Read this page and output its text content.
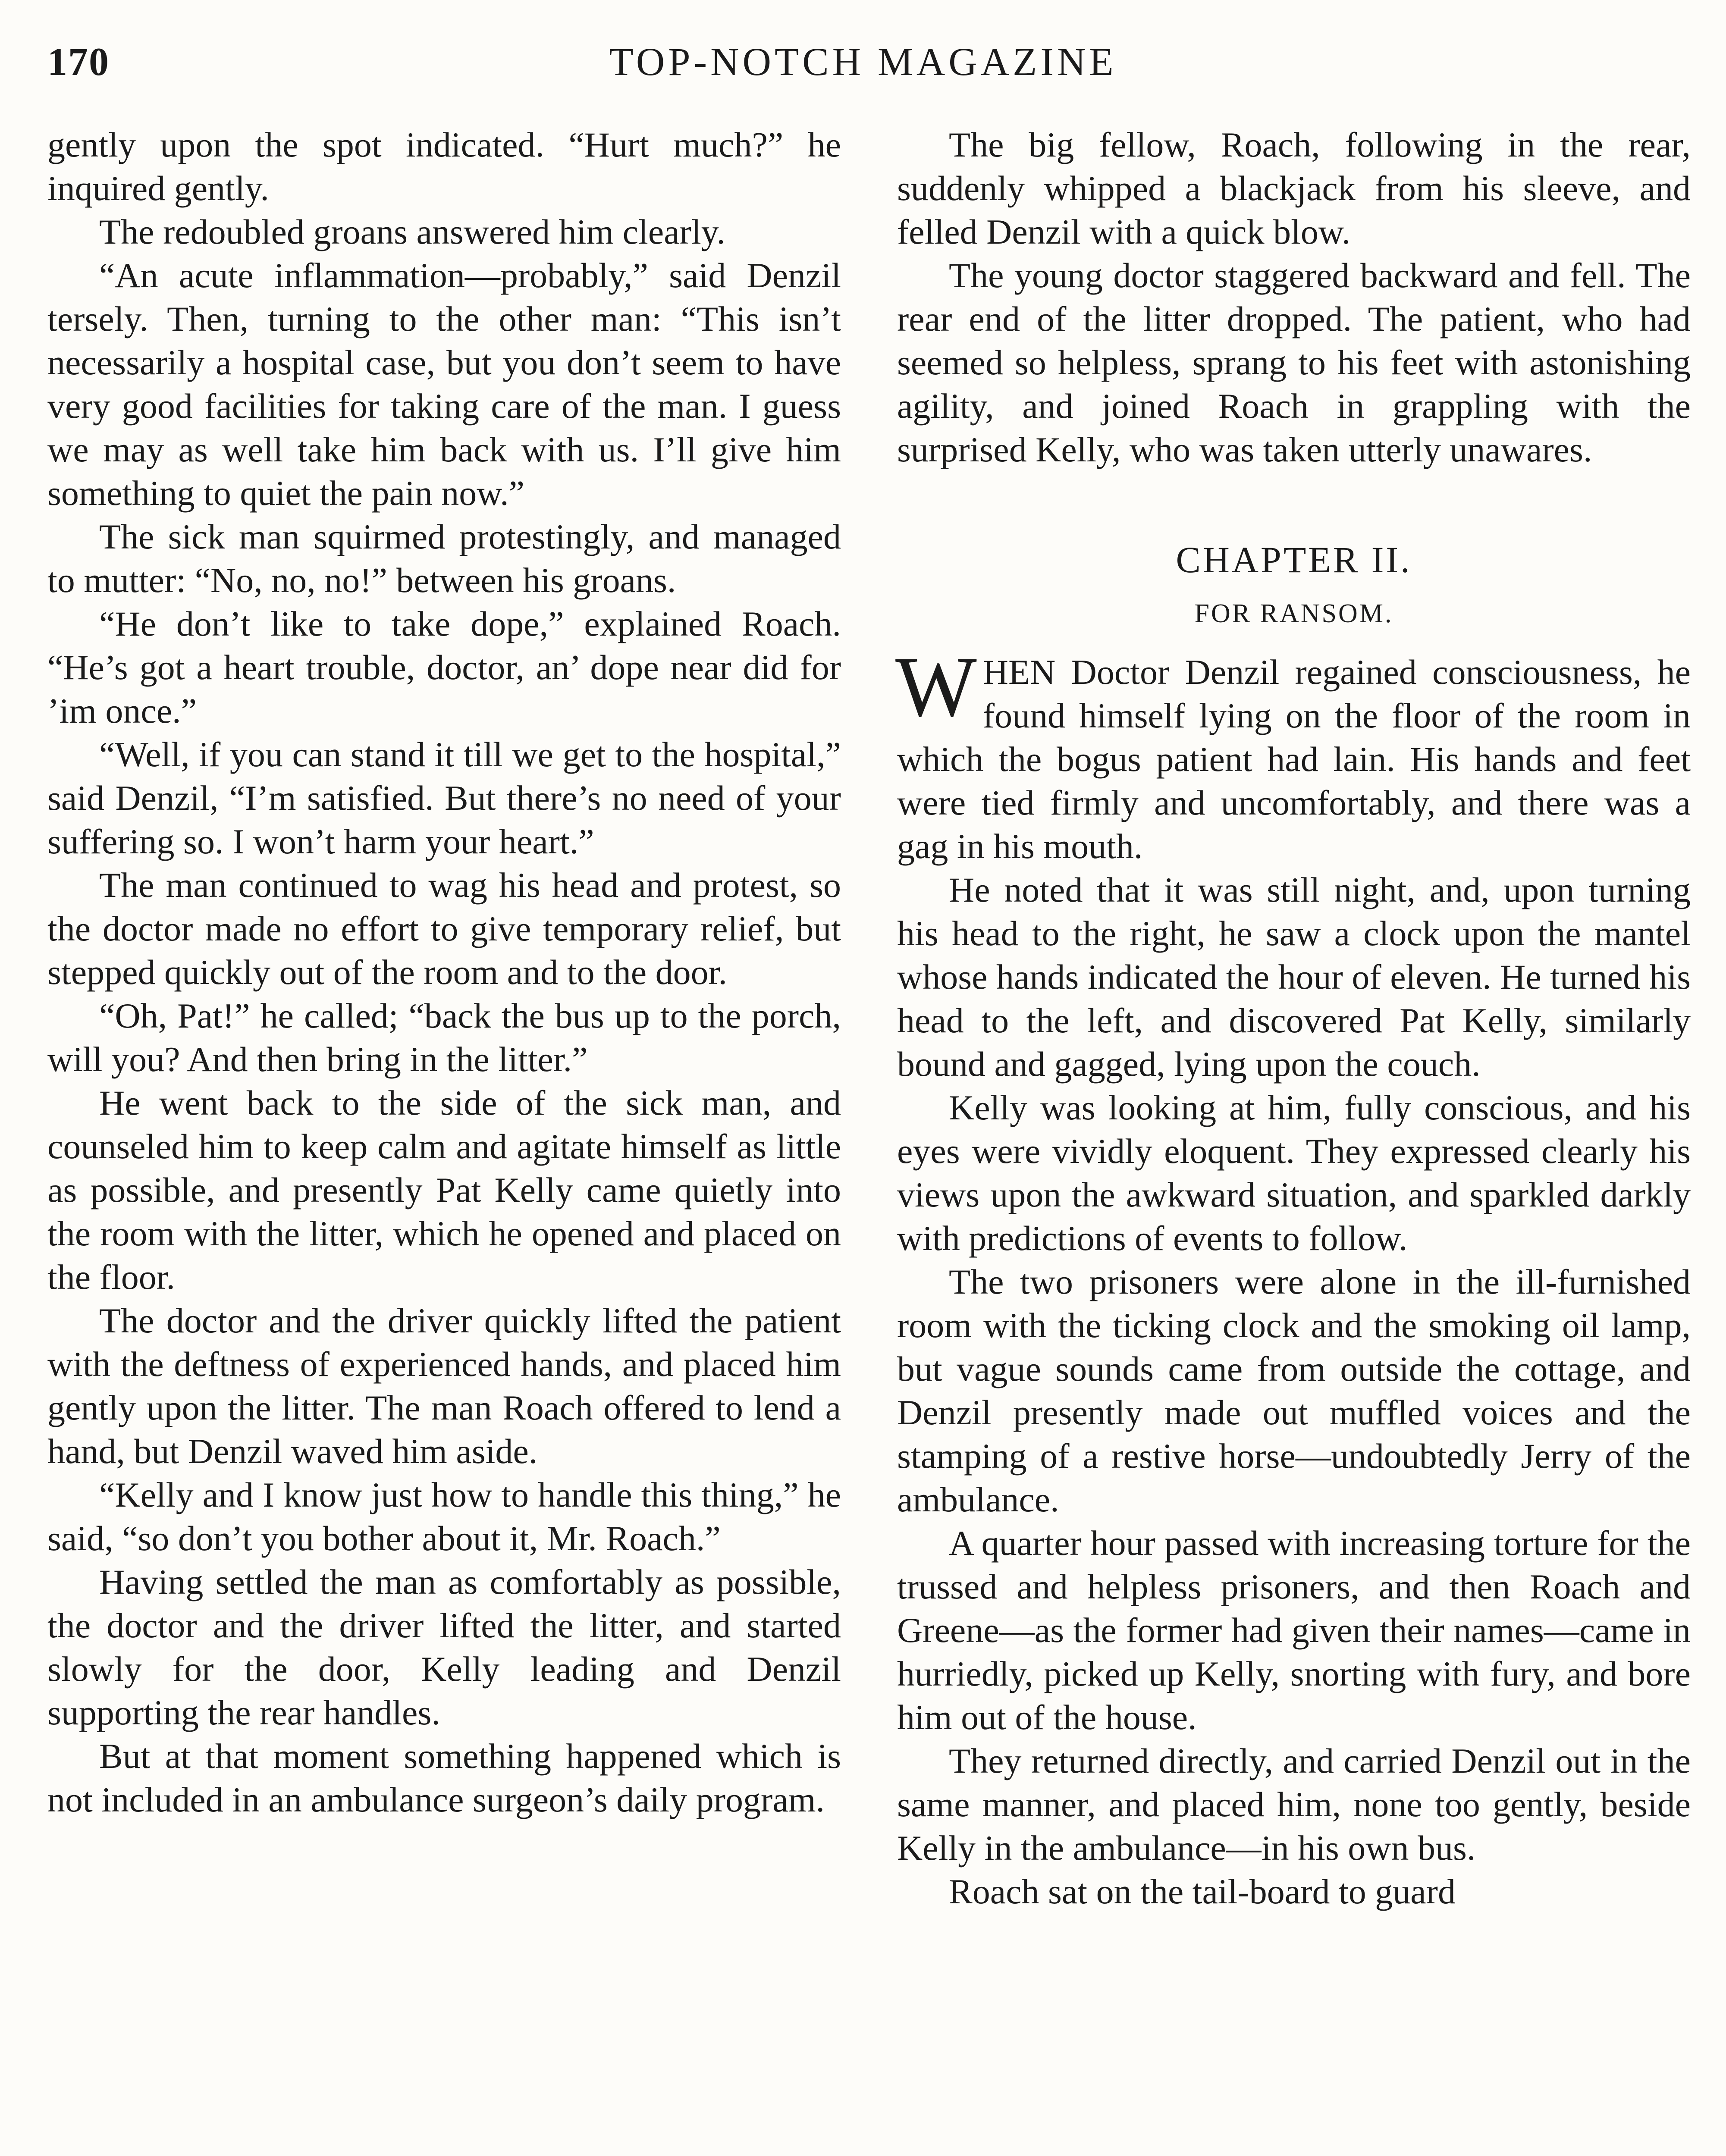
170	TOP-NOTCH MAGAZINE

gently upon the spot indicated. “Hurt much?” he inquired gently.

The redoubled groans answered him clearly.

“An acute inflammation—probably,” said Denzil tersely. Then, turning to the other man: “This isn’t necessarily a hospital case, but you don’t seem to have very good facilities for taking care of the man. I guess we may as well take him back with us. I’ll give him something to quiet the pain now.”

The sick man squirmed protestingly, and managed to mutter: “No, no, no!” between his groans.

“He don’t like to take dope,” explained Roach. “He’s got a heart trouble, doctor, an’ dope near did for ’im once.”

“Well, if you can stand it till we get to the hospital,” said Denzil, “I’m satisfied. But there’s no need of your suffering so. I won’t harm your heart.”

The man continued to wag his head and protest, so the doctor made no effort to give temporary relief, but stepped quickly out of the room and to the door.

“Oh, Pat!” he called; “back the bus up to the porch, will you? And then bring in the litter.”

He went back to the side of the sick man, and counseled him to keep calm and agitate himself as little as possible, and presently Pat Kelly came quietly into the room with the litter, which he opened and placed on the floor.

The doctor and the driver quickly lifted the patient with the deftness of experienced hands, and placed him gently upon the litter. The man Roach offered to lend a hand, but Denzil waved him aside.

“Kelly and I know just how to handle this thing,” he said, “so don’t you bother about it, Mr. Roach.”

Having settled the man as comfortably as possible, the doctor and the driver lifted the litter, and started slowly for the door, Kelly leading and Denzil supporting the rear handles.

But at that moment something happened which is not included in an ambulance surgeon’s daily program.

The big fellow, Roach, following in the rear, suddenly whipped a blackjack from his sleeve, and felled Denzil with a quick blow.

The young doctor staggered backward and fell. The rear end of the litter dropped. The patient, who had seemed so helpless, sprang to his feet with astonishing agility, and joined Roach in grappling with the surprised Kelly, who was taken utterly unawares.

CHAPTER II.
FOR RANSOM.

WHEN Doctor Denzil regained consciousness, he found himself lying on the floor of the room in which the bogus patient had lain. His hands and feet were tied firmly and uncomfortably, and there was a gag in his mouth.

He noted that it was still night, and, upon turning his head to the right, he saw a clock upon the mantel whose hands indicated the hour of eleven. He turned his head to the left, and discovered Pat Kelly, similarly bound and gagged, lying upon the couch.

Kelly was looking at him, fully conscious, and his eyes were vividly eloquent. They expressed clearly his views upon the awkward situation, and sparkled darkly with predictions of events to follow.

The two prisoners were alone in the ill-furnished room with the ticking clock and the smoking oil lamp, but vague sounds came from outside the cottage, and Denzil presently made out muffled voices and the stamping of a restive horse—undoubtedly Jerry of the ambulance.

A quarter hour passed with increasing torture for the trussed and helpless prisoners, and then Roach and Greene—as the former had given their names—came in hurriedly, picked up Kelly, snorting with fury, and bore him out of the house.

They returned directly, and carried Denzil out in the same manner, and placed him, none too gently, beside Kelly in the ambulance—in his own bus.

Roach sat on the tail-board to guard
